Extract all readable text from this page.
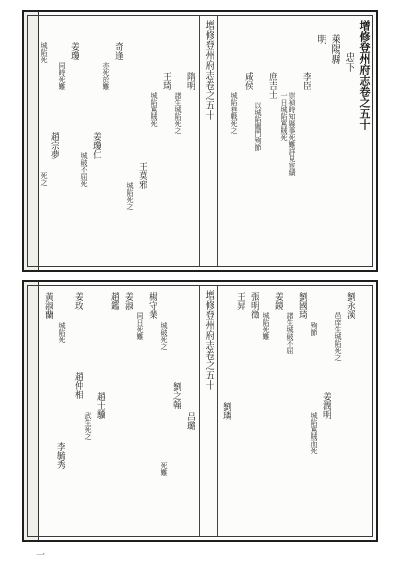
增修登州府志卷之五十
忠下
萊陽縣
明
李臣
崇禎時知縣事死難詳見宦績
一日城陷罵賊死
庶吉士
以城陷闔門殉節
咸侯
城陷巷戰死之
隋明
諸生城陷死之
王琦
城陷罵賊死
王莫邪
城陷死之
增修登州府志卷之五十
奇逢
亦死於難
姜瓊仁
城破不屈死
姜瓊
同時死難
趙宗夢
城陷死
死之
劉永溪
邑庠生城陷死之
姜潤明
城陷罵賊而死
劉國琦
諸生城破不屈
姜鏡
城陷死難
張明徵
王昇
劉璘
增修登州府志卷之五十
吕璐
劉之翰
城破死之
楊守業
同日死難
姜淑
趙鑑
趙士驥
武生死之
姜玫
趙仲相
李毓秀
黃淑蘭
城陷死
死難
殉節
一
